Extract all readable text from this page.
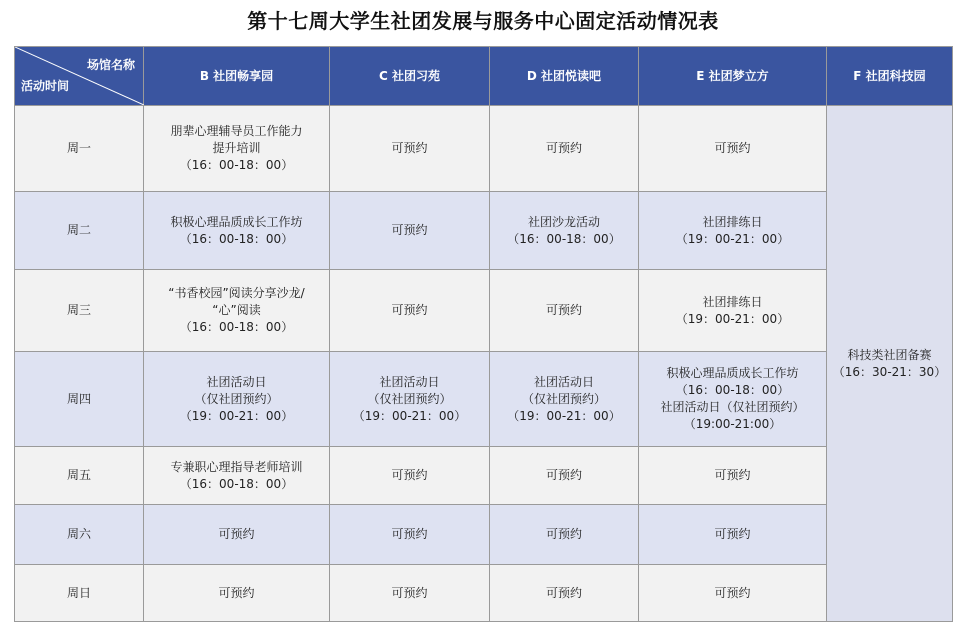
第十七周大学生社团发展与服务中心固定活动情况表
场馆名称
活动时间	B 社团畅享园	C 社团习苑	D 社团悦读吧	E 社团梦立方	F 社团科技园
周一	朋辈心理辅导员工作能力
提升培训
（16：00-18：00）	可预约	可预约	可预约	科技类社团备赛
（16：30-21：30）

周二	积极心理品质成长工作坊
（16：00-18：00）	可预约	社团沙龙活动
（16：00-18：00）	社团排练日
（19：00-21：00）	

周三	“书香校园”阅读分享沙龙/
“心”阅读
（16：00-18：00）	可预约	可预约	社团排练日
（19：00-21：00）	

周四	社团活动日
（仅社团预约）
（19：00-21：00）	社团活动日
（仅社团预约）
（19：00-21：00）	社团活动日
（仅社团预约）
（19：00-21：00）	积极心理品质成长工作坊
（16：00-18：00）
社团活动日（仅社团预约）
（19:00-21:00）	

周五	专兼职心理指导老师培训
（16：00-18：00）	可预约	可预约	可预约	

周六	可预约	可预约	可预约	可预约	

周日	可预约	可预约	可预约	可预约	
